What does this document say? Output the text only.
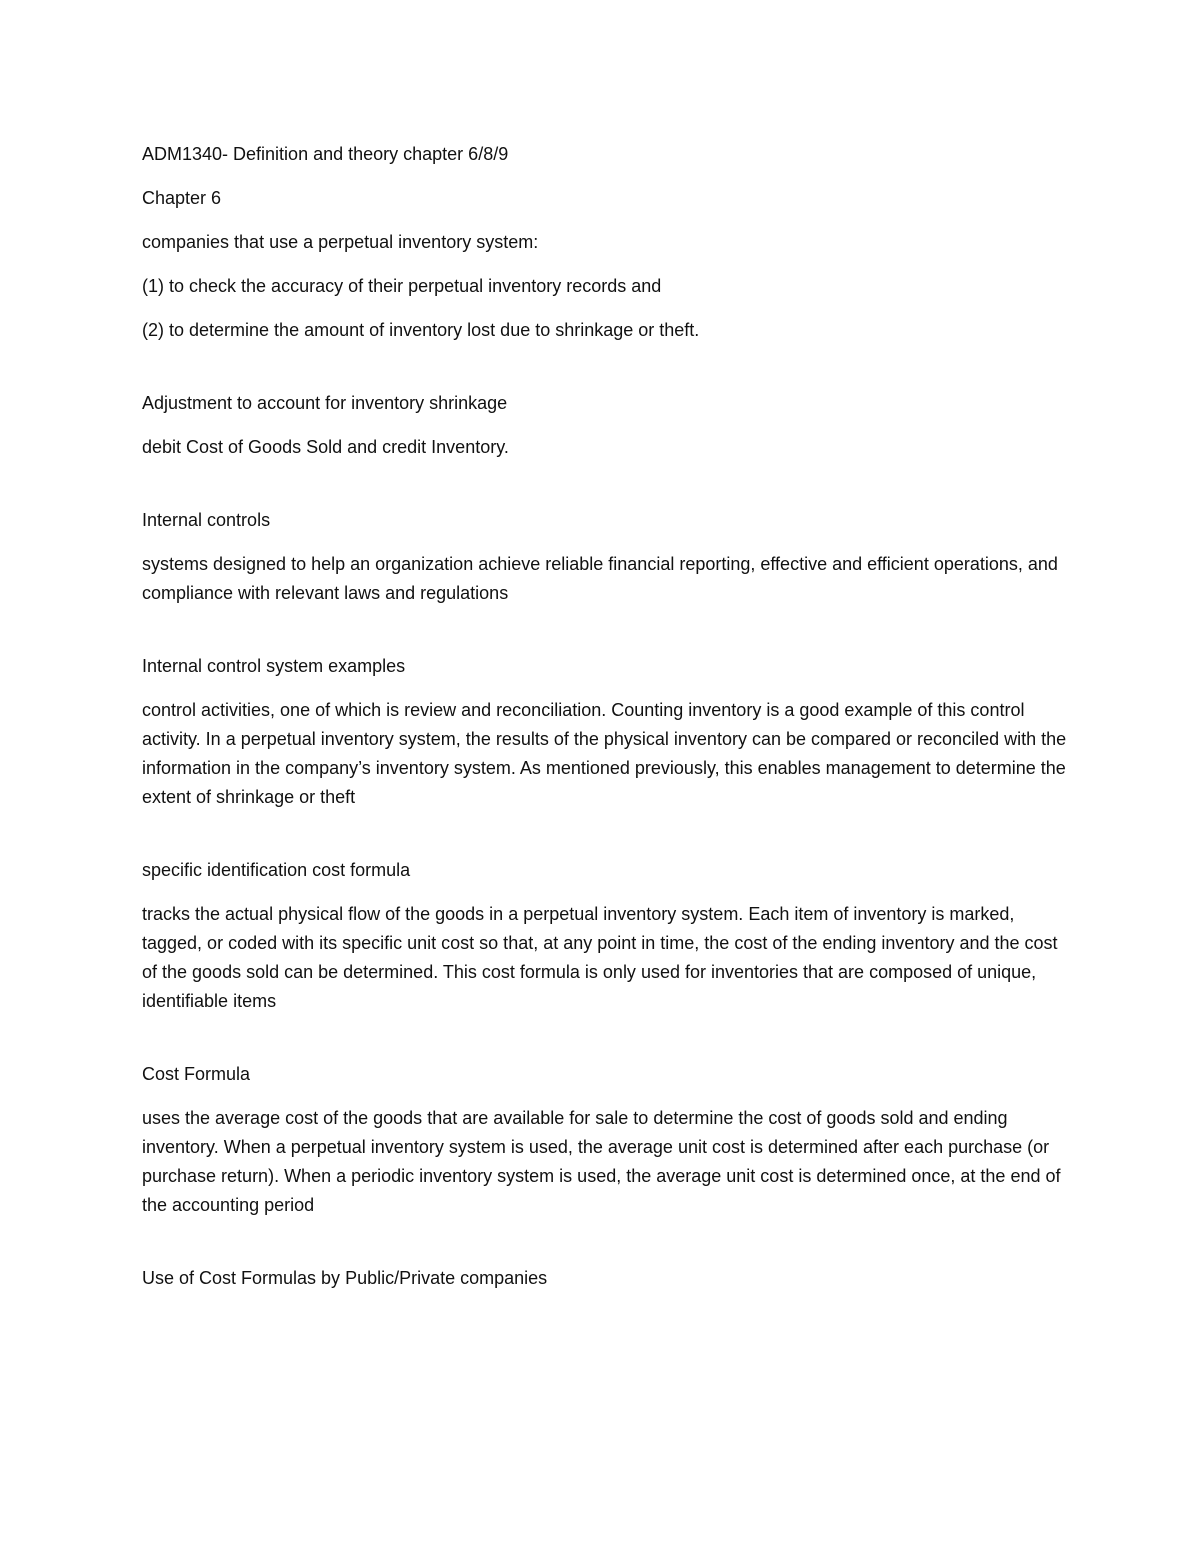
ADM1340- Definition and theory chapter 6/8/9

Chapter 6

companies that use a perpetual inventory system:

(1) to check the accuracy of their perpetual inventory records and

(2) to determine the amount of inventory lost due to shrinkage or theft.

Adjustment to account for inventory shrinkage

debit Cost of Goods Sold and credit Inventory.

Internal controls

systems designed to help an organization achieve reliable financial reporting, effective and efficient operations, and compliance with relevant laws and regulations

Internal control system examples

control activities, one of which is review and reconciliation. Counting inventory is a good example of this control activity. In a perpetual inventory system, the results of the physical inventory can be compared or reconciled with the information in the company’s inventory system. As mentioned previously, this enables management to determine the extent of shrinkage or theft

specific identification cost formula

tracks the actual physical flow of the goods in a perpetual inventory system. Each item of inventory is marked, tagged, or coded with its specific unit cost so that, at any point in time, the cost of the ending inventory and the cost of the goods sold can be determined. This cost formula is only used for inventories that are composed of unique, identifiable items

Cost Formula

uses the average cost of the goods that are available for sale to determine the cost of goods sold and ending inventory. When a perpetual inventory system is used, the average unit cost is determined after each purchase (or purchase return). When a periodic inventory system is used, the average unit cost is determined once, at the end of the accounting period

Use of Cost Formulas by Public/Private companies
